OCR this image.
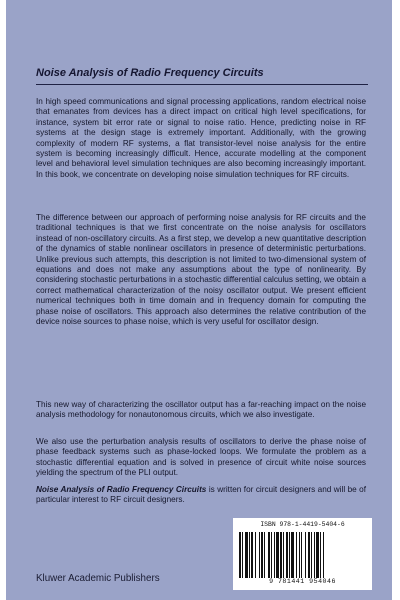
Noise Analysis of Radio Frequency Circuits

In high speed communications and signal processing applications, random electrical noise that emanates from devices has a direct impact on critical high level specifications, for instance, system bit error rate or signal to noise ratio. Hence, predicting noise in RF systems at the design stage is extremely important. Additionally, with the growing complexity of modern RF systems, a flat transistor-level noise analysis for the entire system is becoming increasingly difficult. Hence, accurate modelling at the component level and behavioral level simulation techniques are also becoming increasingly important. In this book, we concentrate on developing noise simulation techniques for RF circuits.

The difference between our approach of performing noise analysis for RF circuits and the traditional techniques is that we first concentrate on the noise analysis for oscillators instead of non-oscillatory circuits. As a first step, we develop a new quantitative description of the dynamics of stable nonlinear oscillators in presence of deterministic perturbations. Unlike previous such attempts, this description is not limited to two-dimensional system of equations and does not make any assumptions about the type of nonlinearity. By considering stochastic perturbations in a stochastic differential calculus setting, we obtain a correct mathematical characterization of the noisy oscillator output. We present efficient numerical techniques both in time domain and in frequency domain for computing the phase noise of oscillators. This approach also determines the relative contribution of the device noise sources to phase noise, which is very useful for oscillator design.

This new way of characterizing the oscillator output has a far-reaching impact on the noise analysis methodology for nonautonomous circuits, which we also investigate.

We also use the perturbation analysis results of oscillators to derive the phase noise of phase feedback systems such as phase-locked loops. We formulate the problem as a stochastic differential equation and is solved in presence of circuit white noise sources yielding the spectrum of the PLI output.

Noise Analysis of Radio Frequency Circuits is written for circuit designers and will be of particular interest to RF circuit designers.

ISBN 978-1-4419-5404-6
9 781441 954046
Kluwer Academic Publishers
